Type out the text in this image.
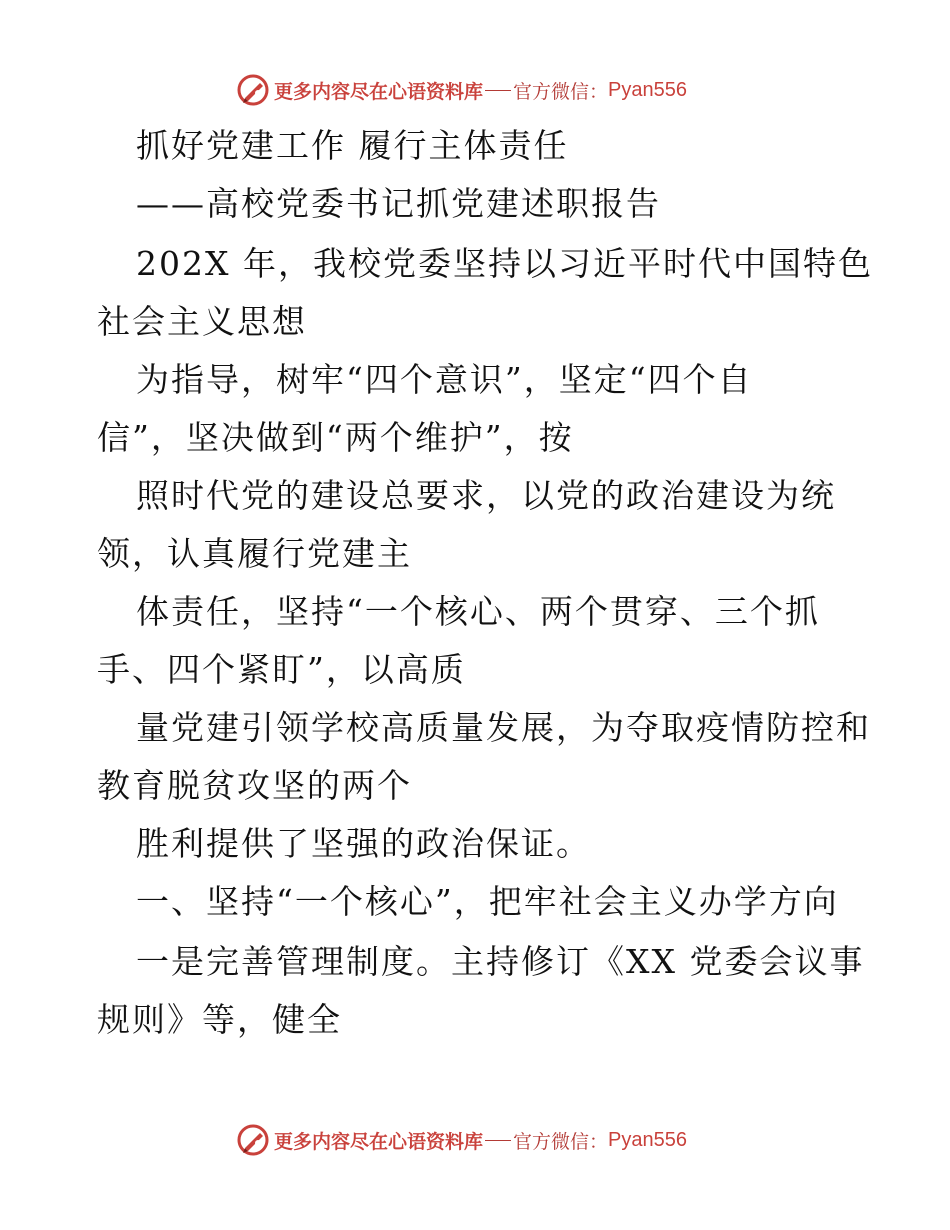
更多内容尽在心语资料库 官方微信： Pyan556
抓好党建工作 履行主体责任
——高校党委书记抓党建述职报告
202X 年，我校党委坚持以习近平时代中国特色
社会主义思想
为指导，树牢“四个意识”，坚定“四个自
信”，坚决做到“两个维护”，按
照时代党的建设总要求，以党的政治建设为统
领，认真履行党建主
体责任，坚持“一个核心、两个贯穿、三个抓
手、四个紧盯”，以高质
量党建引领学校高质量发展，为夺取疫情防控和
教育脱贫攻坚的两个
胜利提供了坚强的政治保证。
一、坚持“一个核心”，把牢社会主义办学方向
一是完善管理制度。主持修订《XX 党委会议事
规则》等，健全
更多内容尽在心语资料库 官方微信： Pyan556
